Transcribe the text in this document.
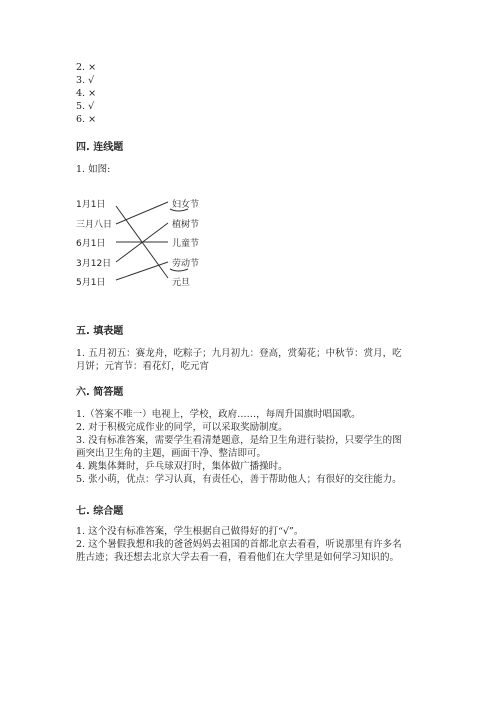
2. ×
3. √
4. ×
5. √
6. ×
四. 连线题
1. 如图:
1月1日
三月八日
6月1日
3月12日
5月1日
妇女节
植树节
儿童节
劳动节
元旦
五. 填表题
1. 五月初五：赛龙舟，吃粽子；九月初九：登高，赏菊花；中秋节：赏月，吃
月饼；元宵节：看花灯，吃元宵
六. 简答题
1.（答案不唯一）电视上，学校，政府……，每周升国旗时唱国歌。
2. 对于积极完成作业的同学，可以采取奖励制度。
3. 没有标准答案，需要学生看清楚题意，是给卫生角进行装扮，只要学生的图
画突出卫生角的主题，画面干净、整洁即可。
4. 跳集体舞时，乒乓球双打时，集体做广播操时。
5. 张小萌，优点：学习认真，有责任心，善于帮助他人；有很好的交往能力。
七. 综合题
1. 这个没有标准答案，学生根据自己做得好的打“√”。
2. 这个暑假我想和我的爸爸妈妈去祖国的首都北京去看看，听说那里有许多名
胜古迹；我还想去北京大学去看一看，看看他们在大学里是如何学习知识的。
